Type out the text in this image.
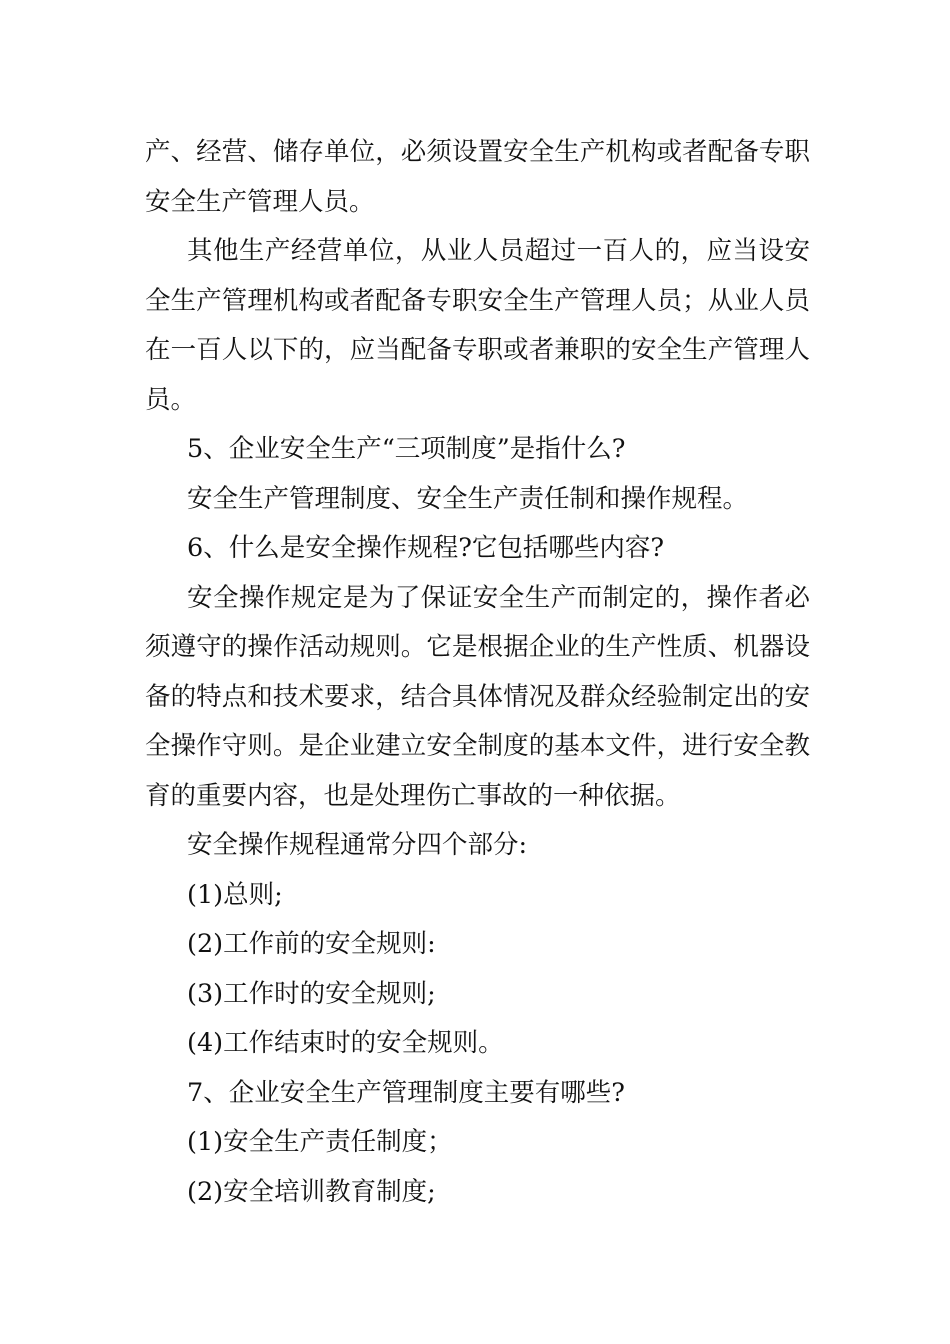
产、经营、储存单位，必须设置安全生产机构或者配备专职安全生产管理人员。

其他生产经营单位，从业人员超过一百人的，应当设安全生产管理机构或者配备专职安全生产管理人员；从业人员在一百人以下的，应当配备专职或者兼职的安全生产管理人员。

5、企业安全生产“三项制度”是指什么?

安全生产管理制度、安全生产责任制和操作规程。

6、什么是安全操作规程?它包括哪些内容?

安全操作规定是为了保证安全生产而制定的，操作者必须遵守的操作活动规则。它是根据企业的生产性质、机器设备的特点和技术要求，结合具体情况及群众经验制定出的安全操作守则。是企业建立安全制度的基本文件，进行安全教育的重要内容，也是处理伤亡事故的一种依据。

安全操作规程通常分四个部分:

(1)总则;

(2)工作前的安全规则:

(3)工作时的安全规则;

(4)工作结束时的安全规则。

7、企业安全生产管理制度主要有哪些?

(1)安全生产责任制度；

(2)安全培训教育制度;
